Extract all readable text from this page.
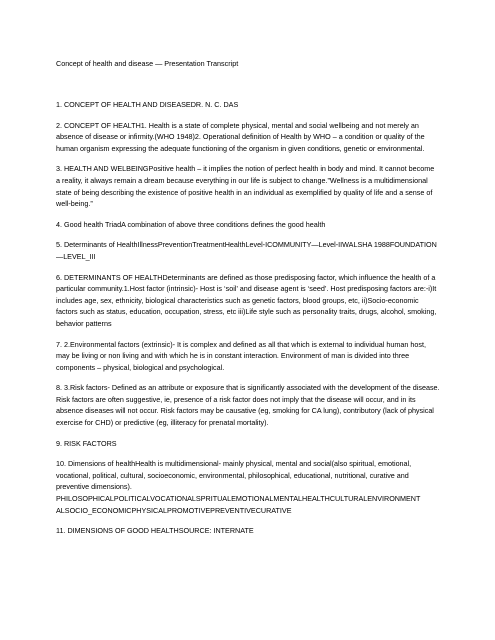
Concept of health and disease — Presentation Transcript

1. CONCEPT OF HEALTH AND DISEASEDR. N. C. DAS

2. CONCEPT OF HEALTH1. Health is a state of complete physical, mental and social wellbeing and not merely an absence of disease or infirmity.(WHO 1948)2. Operational definition of Health by WHO – a condition or quality of the human organism expressing the adequate functioning of the organism in given conditions, genetic or environmental.

3. HEALTH AND WELBEINGPositive health – it implies the notion of perfect health in body and mind. It cannot become a reality, it always remain a dream because everything in our life is subject to change.”Wellness is a multidimensional state of being describing the existence of positive health in an individual as exemplified by quality of life and a sense of well-being.”

4. Good health TriadA combination of above three conditions defines the good health

5. Determinants of HealthIllnessPreventionTreatmentHealthLevel-ICOMMUNITY—Level-IIWALSHA 1988FOUNDATION—LEVEL_III

6. DETERMINANTS OF HEALTHDeterminants are defined as those predisposing factor, which influence the health of a particular community.1.Host factor (intrinsic)- Host is ‘soil’ and disease agent is ‘seed’. Host predisposing factors are:-i)It includes age, sex, ethnicity, biological characteristics such as genetic factors, blood groups, etc, ii)Socio-economic factors such as status, education, occupation, stress, etc iii)Life style such as personality traits, drugs, alcohol, smoking, behavior patterns

7. 2.Environmental factors (extrinsic)- It is complex and defined as all that which is external to individual human host, may be living or non living and with which he is in constant interaction. Environment of man is divided into three components – physical, biological and psychological.

8. 3.Risk factors- Defined as an attribute or exposure that is significantly associated with the development of the disease. Risk factors are often suggestive, ie, presence of a risk factor does not imply that the disease will occur, and in its absence diseases will not occur. Risk factors may be causative (eg, smoking for CA lung), contributory (lack of physical exercise for CHD) or predictive (eg, illiteracy for prenatal mortality).

9. RISK FACTORS

10. Dimensions of healthHealth is multidimensional- mainly physical, mental and social(also spiritual, emotional, vocational, political, cultural, socioeconomic, environmental, philosophical, educational, nutritional, curative and preventive dimensions).

PHILOSOPHICALPOLITICALVOCATIONALSPRITUALEMOTIONALMENTALHEALTHCULTURALENVIRONMENT

ALSOCIO_ECONOMICPHYSICALPROMOTIVEPREVENTIVECURATIVE

11. DIMENSIONS OF GOOD HEALTHSOURCE: INTERNATE
